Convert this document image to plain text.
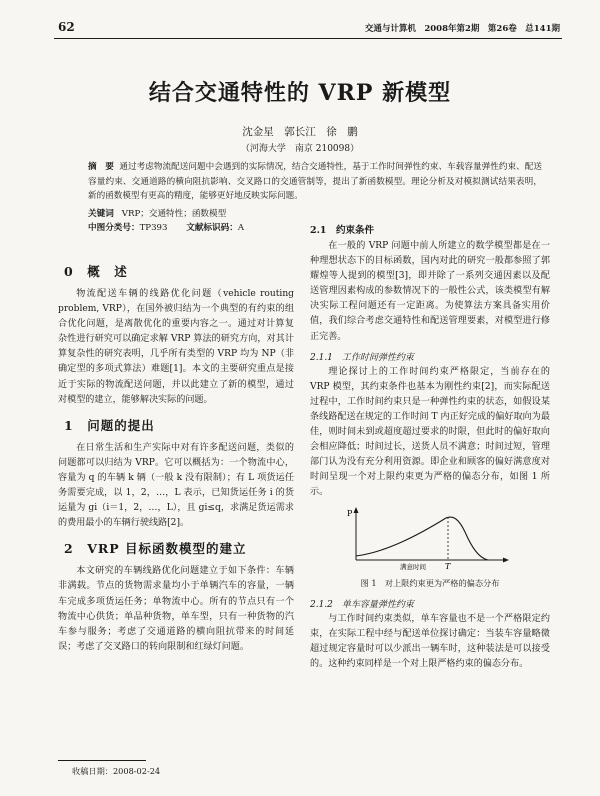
62	交通与计算机　2008年第2期　第26卷　总141期
结合交通特性的 VRP 新模型
沈金星　郭长江　徐　鹏
（河海大学　南京 210098）
摘　要 通过考虑物流配送问题中会遇到的实际情况，结合交通特性，基于工作时间弹性约束、车载容量弹性约束、配送容量约束、交通道路的横向阻抗影响、交叉路口的交通管制等，提出了新函数模型。理论分析及对模拟测试结果表明，新的函数模型有更高的精度，能够更好地反映实际问题。
关键词 VRP；交通特性；函数模型
中图分类号：TP393 文献标识码：A
0　概　述

物流配送车辆的线路优化问题（vehicle routing problem, VRP），在国外被归结为一个典型的有约束的组合优化问题，是离散优化的重要内容之一。通过对计算复杂性进行研究可以确定求解 VRP 算法的研究方向，对其计算复杂性的研究表明，几乎所有类型的 VRP 均为 NP（非确定型的多项式算法）难题[1]。本文的主要研究重点是接近于实际的物流配送问题，并以此建立了新的模型，通过对模型的建立，能够解决实际的问题。

1　问题的提出

在日常生活和生产实际中对有许多配送问题，类似的问题都可以归结为 VRP。它可以概括为：一个物流中心，容量为 q 的车辆 k 辆（一般 k 没有限制）；有 L 项货运任务需要完成，以 1，2，…，L 表示，已知货运任务 i 的货运量为 gi（i＝1，2，…，L），且 gi≤q，求满足货运需求的费用最小的车辆行驶线路[2]。

2　VRP 目标函数模型的建立

本文研究的车辆线路优化问题建立于如下条件：车辆非满载。节点的货物需求量均小于单辆汽车的容量，一辆车完成多项货运任务；单物流中心。所有的节点只有一个物流中心供货；单品种货物，单车型，只有一种货物的汽车参与服务；考虑了交通道路的横向阻抗带来的时间延误；考虑了交叉路口的转向限制和红绿灯问题。

2.1　约束条件

在一般的 VRP 问题中前人所建立的数学模型都是在一种理想状态下的目标函数，国内对此的研究一般都参照了郭耀煌等人提到的模型[3]，即并除了一系列交通因素以及配送管理因素构成的参数情况下的一般性公式，该类模型有解决实际工程问题还有一定距离。为使算法方案具备实用价值，我们综合考虑交通特性和配送管理要素，对模型进行修正完善。

2.1.1　工作时间弹性约束

理论探讨上的工作时间约束严格限定，当前存在的 VRP 模型，其约束条件也基本为刚性约束[2]，而实际配送过程中，工作时间约束只是一种弹性约束的状态，如假设某条线路配送在规定的工作时间 T 内正好完成的偏好取向为最佳，则时间未到或超度超过要求的时限，但此时的偏好取向会相应降低；时间过长，送货人员不满意；时间过短，管理部门认为没有充分利用资源。即企业和顾客的偏好满意度对时间呈现一个对上限约束更为严格的偏态分布，如图 1 所示。

P
T
满意时间
图 1　对上限约束更为严格的偏态分布
2.1.2　单车容量弹性约束

与工作时间约束类似，单车容量也不是一个严格限定约束，在实际工程中经与配送单位探讨确定：当装车容量略微超过规定容量时可以少派出一辆车时，这种装法是可以接受的。这种约束同样是一个对上限严格约束的偏态分布。

收稿日期：2008-02-24
